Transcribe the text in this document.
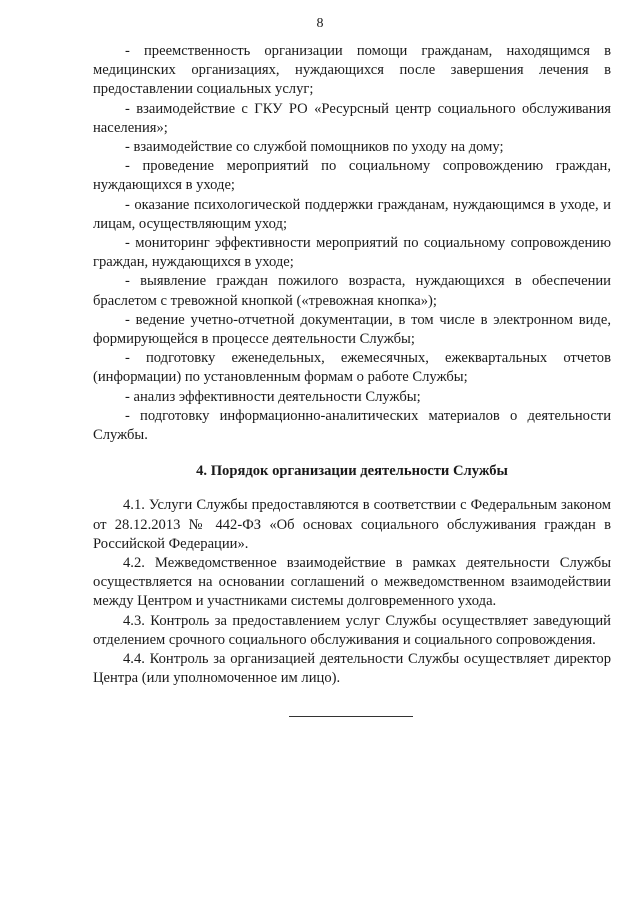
8

- преемственность организации помощи гражданам, находящимся в медицинских организациях, нуждающихся после завершения лечения в предоставлении социальных услуг;

- взаимодействие с ГКУ РО «Ресурсный центр социального обслуживания населения»;

- взаимодействие со службой помощников по уходу на дому;

- проведение мероприятий по социальному сопровождению граждан, нуждающихся в уходе;

- оказание психологической поддержки гражданам, нуждающимся в уходе, и лицам, осуществляющим уход;

- мониторинг эффективности мероприятий по социальному сопровождению граждан, нуждающихся в уходе;

- выявление граждан пожилого возраста, нуждающихся в обеспечении браслетом с тревожной кнопкой («тревожная кнопка»);

- ведение учетно-отчетной документации, в том числе в электронном виде, формирующейся в процессе деятельности Службы;

- подготовку еженедельных, ежемесячных, ежеквартальных отчетов (информации) по установленным формам о работе Службы;

- анализ эффективности деятельности Службы;

- подготовку информационно-аналитических материалов о деятельности Службы.

4. Порядок организации деятельности Службы

4.1. Услуги Службы предоставляются в соответствии с Федеральным законом от 28.12.2013 № 442-ФЗ «Об основах социального обслуживания граждан в Российской Федерации».

4.2. Межведомственное взаимодействие в рамках деятельности Службы осуществляется на основании соглашений о межведомственном взаимодействии между Центром и участниками системы долговременного ухода.

4.3. Контроль за предоставлением услуг Службы осуществляет заведующий отделением срочного социального обслуживания и социального сопровождения.

4.4. Контроль за организацией деятельности Службы осуществляет директор Центра (или уполномоченное им лицо).
